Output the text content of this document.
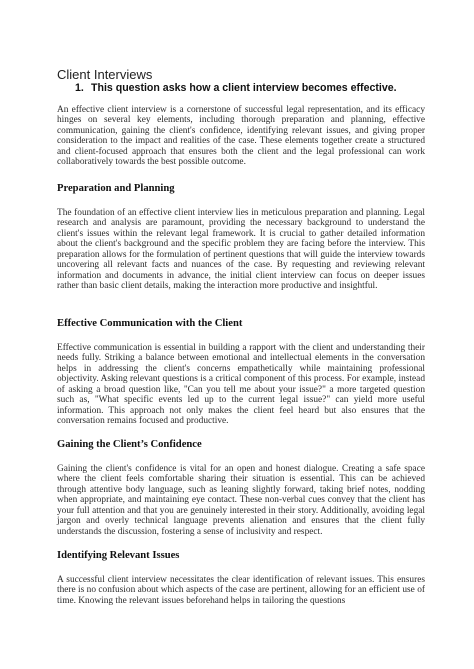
Client Interviews
1. This question asks how a client interview becomes effective.

An effective client interview is a cornerstone of successful legal representation, and its efficacy hinges on several key elements, including thorough preparation and planning, effective communication, gaining the client's confidence, identifying relevant issues, and giving proper consideration to the impact and realities of the case. These elements together create a structured and client-focused approach that ensures both the client and the legal professional can work collaboratively towards the best possible outcome.

Preparation and Planning

The foundation of an effective client interview lies in meticulous preparation and planning. Legal research and analysis are paramount, providing the necessary background to understand the client's issues within the relevant legal framework. It is crucial to gather detailed information about the client's background and the specific problem they are facing before the interview. This preparation allows for the formulation of pertinent questions that will guide the interview towards uncovering all relevant facts and nuances of the case. By requesting and reviewing relevant information and documents in advance, the initial client interview can focus on deeper issues rather than basic client details, making the interaction more productive and insightful.

Effective Communication with the Client

Effective communication is essential in building a rapport with the client and understanding their needs fully. Striking a balance between emotional and intellectual elements in the conversation helps in addressing the client's concerns empathetically while maintaining professional objectivity. Asking relevant questions is a critical component of this process. For example, instead of asking a broad question like, "Can you tell me about your issue?" a more targeted question such as, "What specific events led up to the current legal issue?" can yield more useful information. This approach not only makes the client feel heard but also ensures that the conversation remains focused and productive.

Gaining the Client’s Confidence

Gaining the client's confidence is vital for an open and honest dialogue. Creating a safe space where the client feels comfortable sharing their situation is essential. This can be achieved through attentive body language, such as leaning slightly forward, taking brief notes, nodding when appropriate, and maintaining eye contact. These non-verbal cues convey that the client has your full attention and that you are genuinely interested in their story. Additionally, avoiding legal jargon and overly technical language prevents alienation and ensures that the client fully understands the discussion, fostering a sense of inclusivity and respect.

Identifying Relevant Issues

A successful client interview necessitates the clear identification of relevant issues. This ensures there is no confusion about which aspects of the case are pertinent, allowing for an efficient use of time. Knowing the relevant issues beforehand helps in tailoring the questions
